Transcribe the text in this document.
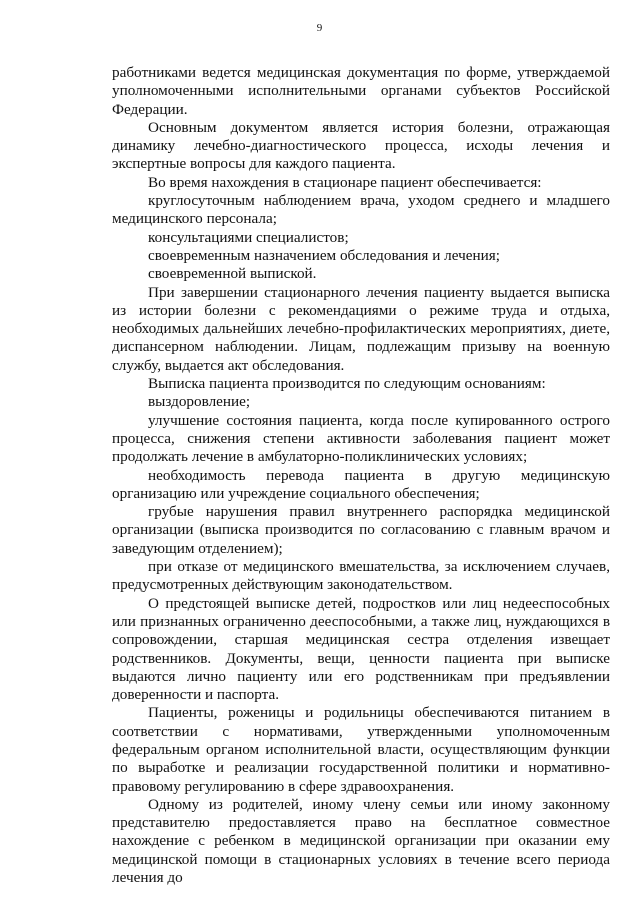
9

работниками ведется медицинская документация по форме, утверждаемой уполномоченными исполнительными органами субъектов Российской Федерации.

Основным документом является история болезни, отражающая динамику лечебно-диагностического процесса, исходы лечения и экспертные вопросы для каждого пациента.

Во время нахождения в стационаре пациент обеспечивается:

круглосуточным наблюдением врача, уходом среднего и младшего медицинского персонала;

консультациями специалистов;

своевременным назначением обследования и лечения;

своевременной выпиской.

При завершении стационарного лечения пациенту выдается выписка из истории болезни с рекомендациями о режиме труда и отдыха, необходимых дальнейших лечебно-профилактических мероприятиях, диете, диспансерном наблюдении. Лицам, подлежащим призыву на военную службу, выдается акт обследования.

Выписка пациента производится по следующим основаниям:

выздоровление;

улучшение состояния пациента, когда после купированного острого процесса, снижения степени активности заболевания пациент может продолжать лечение в амбулаторно-поликлинических условиях;

необходимость перевода пациента в другую медицинскую организацию или учреждение социального обеспечения;

грубые нарушения правил внутреннего распорядка медицинской организации (выписка производится по согласованию с главным врачом и заведующим отделением);

при отказе от медицинского вмешательства, за исключением случаев, предусмотренных действующим законодательством.

О предстоящей выписке детей, подростков или лиц недееспособных или признанных ограниченно дееспособными, а также лиц, нуждающихся в сопровождении, старшая медицинская сестра отделения извещает родственников. Документы, вещи, ценности пациента при выписке выдаются лично пациенту или его родственникам при предъявлении доверенности и паспорта.

Пациенты, роженицы и родильницы обеспечиваются питанием в соответствии с нормативами, утвержденными уполномоченным федеральным органом исполнительной власти, осуществляющим функции по выработке и реализации государственной политики и нормативно-правовому регулированию в сфере здравоохранения.

Одному из родителей, иному члену семьи или иному законному представителю предоставляется право на бесплатное совместное нахождение с ребенком в медицинской организации при оказании ему медицинской помощи в стационарных условиях в течение всего периода лечения до
